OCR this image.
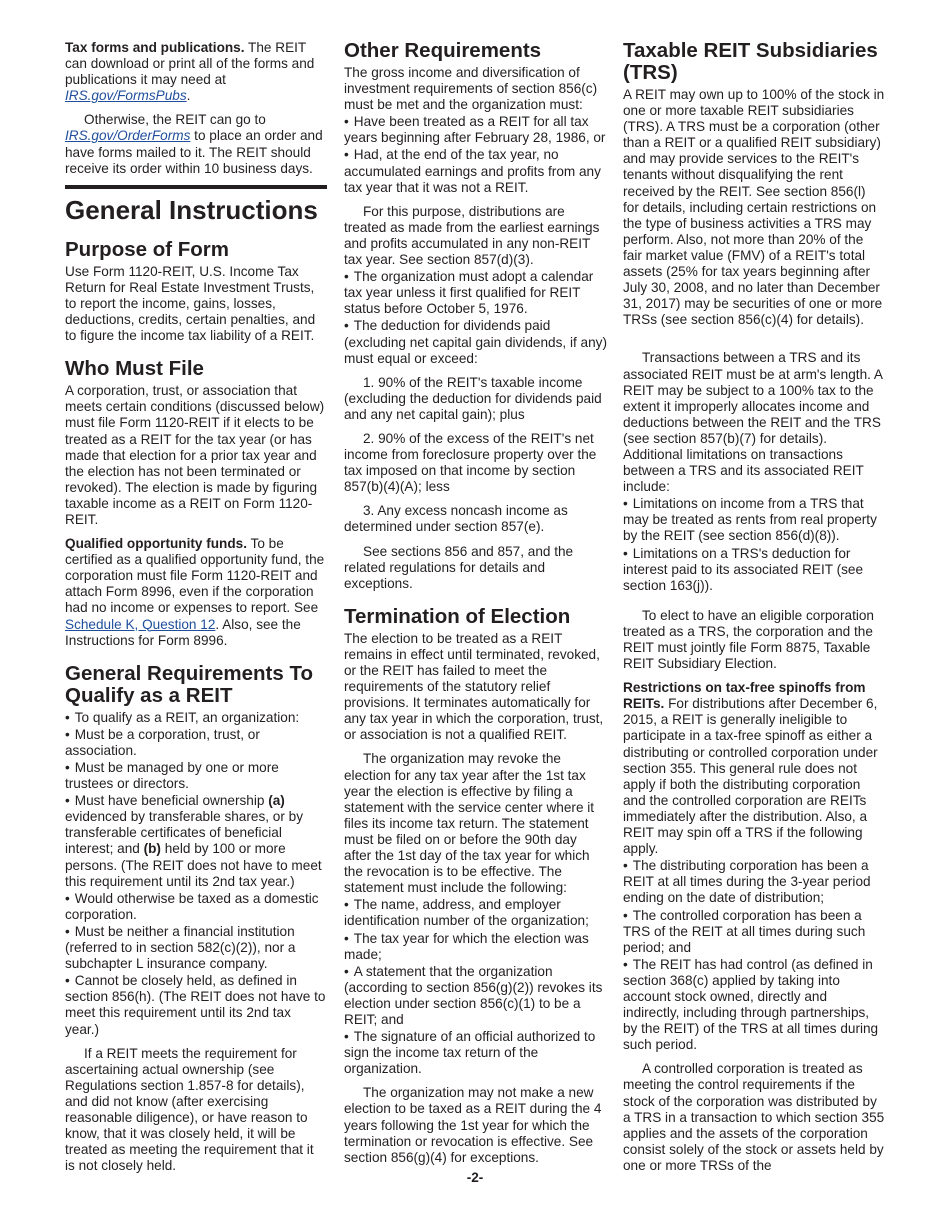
Tax forms and publications. The REIT can download or print all of the forms and publications it may need at IRS.gov/FormsPubs.

Otherwise, the REIT can go to IRS.gov/OrderForms to place an order and have forms mailed to it. The REIT should receive its order within 10 business days.

General Instructions
Purpose of Form

Use Form 1120-REIT, U.S. Income Tax Return for Real Estate Investment Trusts, to report the income, gains, losses, deductions, credits, certain penalties, and to figure the income tax liability of a REIT.

Who Must File

A corporation, trust, or association that meets certain conditions (discussed below) must file Form 1120-REIT if it elects to be treated as a REIT for the tax year (or has made that election for a prior tax year and the election has not been terminated or revoked). The election is made by figuring taxable income as a REIT on Form 1120-REIT.

Qualified opportunity funds. To be certified as a qualified opportunity fund, the corporation must file Form 1120-REIT and attach Form 8996, even if the corporation had no income or expenses to report. See Schedule K, Question 12. Also, see the Instructions for Form 8996.

General Requirements To Qualify as a REIT

• To qualify as a REIT, an organization:

• Must be a corporation, trust, or association.

• Must be managed by one or more trustees or directors.

• Must have beneficial ownership (a) evidenced by transferable shares, or by transferable certificates of beneficial interest; and (b) held by 100 or more persons. (The REIT does not have to meet this requirement until its 2nd tax year.)

• Would otherwise be taxed as a domestic corporation.

• Must be neither a financial institution (referred to in section 582(c)(2)), nor a subchapter L insurance company.

• Cannot be closely held, as defined in section 856(h). (The REIT does not have to meet this requirement until its 2nd tax year.)

If a REIT meets the requirement for ascertaining actual ownership (see Regulations section 1.857-8 for details), and did not know (after exercising reasonable diligence), or have reason to know, that it was closely held, it will be treated as meeting the requirement that it is not closely held.

Other Requirements

The gross income and diversification of investment requirements of section 856(c) must be met and the organization must:

• Have been treated as a REIT for all tax years beginning after February 28, 1986, or

• Had, at the end of the tax year, no accumulated earnings and profits from any tax year that it was not a REIT.

For this purpose, distributions are treated as made from the earliest earnings and profits accumulated in any non-REIT tax year. See section 857(d)(3).

• The organization must adopt a calendar tax year unless it first qualified for REIT status before October 5, 1976.

• The deduction for dividends paid (excluding net capital gain dividends, if any) must equal or exceed:

1. 90% of the REIT's taxable income (excluding the deduction for dividends paid and any net capital gain); plus

2. 90% of the excess of the REIT's net income from foreclosure property over the tax imposed on that income by section 857(b)(4)(A); less

3. Any excess noncash income as determined under section 857(e).

See sections 856 and 857, and the related regulations for details and exceptions.

Termination of Election

The election to be treated as a REIT remains in effect until terminated, revoked, or the REIT has failed to meet the requirements of the statutory relief provisions. It terminates automatically for any tax year in which the corporation, trust, or association is not a qualified REIT.

The organization may revoke the election for any tax year after the 1st tax year the election is effective by filing a statement with the service center where it files its income tax return. The statement must be filed on or before the 90th day after the 1st day of the tax year for which the revocation is to be effective. The statement must include the following:

• The name, address, and employer identification number of the organization;

• The tax year for which the election was made;

• A statement that the organization (according to section 856(g)(2)) revokes its election under section 856(c)(1) to be a REIT; and

• The signature of an official authorized to sign the income tax return of the organization.

The organization may not make a new election to be taxed as a REIT during the 4 years following the 1st year for which the termination or revocation is effective. See section 856(g)(4) for exceptions.

Taxable REIT Subsidiaries (TRS)

A REIT may own up to 100% of the stock in one or more taxable REIT subsidiaries (TRS). A TRS must be a corporation (other than a REIT or a qualified REIT subsidiary) and may provide services to the REIT's tenants without disqualifying the rent received by the REIT. See section 856(l) for details, including certain restrictions on the type of business activities a TRS may perform. Also, not more than 20% of the fair market value (FMV) of a REIT's total assets (25% for tax years beginning after July 30, 2008, and no later than December 31, 2017) may be securities of one or more TRSs (see section 856(c)(4) for details).

Transactions between a TRS and its associated REIT must be at arm's length. A REIT may be subject to a 100% tax to the extent it improperly allocates income and deductions between the REIT and the TRS (see section 857(b)(7) for details). Additional limitations on transactions between a TRS and its associated REIT include:

• Limitations on income from a TRS that may be treated as rents from real property by the REIT (see section 856(d)(8)).

• Limitations on a TRS's deduction for interest paid to its associated REIT (see section 163(j)).

To elect to have an eligible corporation treated as a TRS, the corporation and the REIT must jointly file Form 8875, Taxable REIT Subsidiary Election.

Restrictions on tax-free spinoffs from REITs. For distributions after December 6, 2015, a REIT is generally ineligible to participate in a tax-free spinoff as either a distributing or controlled corporation under section 355. This general rule does not apply if both the distributing corporation and the controlled corporation are REITs immediately after the distribution. Also, a REIT may spin off a TRS if the following apply.

• The distributing corporation has been a REIT at all times during the 3-year period ending on the date of distribution;

• The controlled corporation has been a TRS of the REIT at all times during such period; and

• The REIT has had control (as defined in section 368(c) applied by taking into account stock owned, directly and indirectly, including through partnerships, by the REIT) of the TRS at all times during such period.

A controlled corporation is treated as meeting the control requirements if the stock of the corporation was distributed by a TRS in a transaction to which section 355 applies and the assets of the corporation consist solely of the stock or assets held by one or more TRSs of the

-2-
